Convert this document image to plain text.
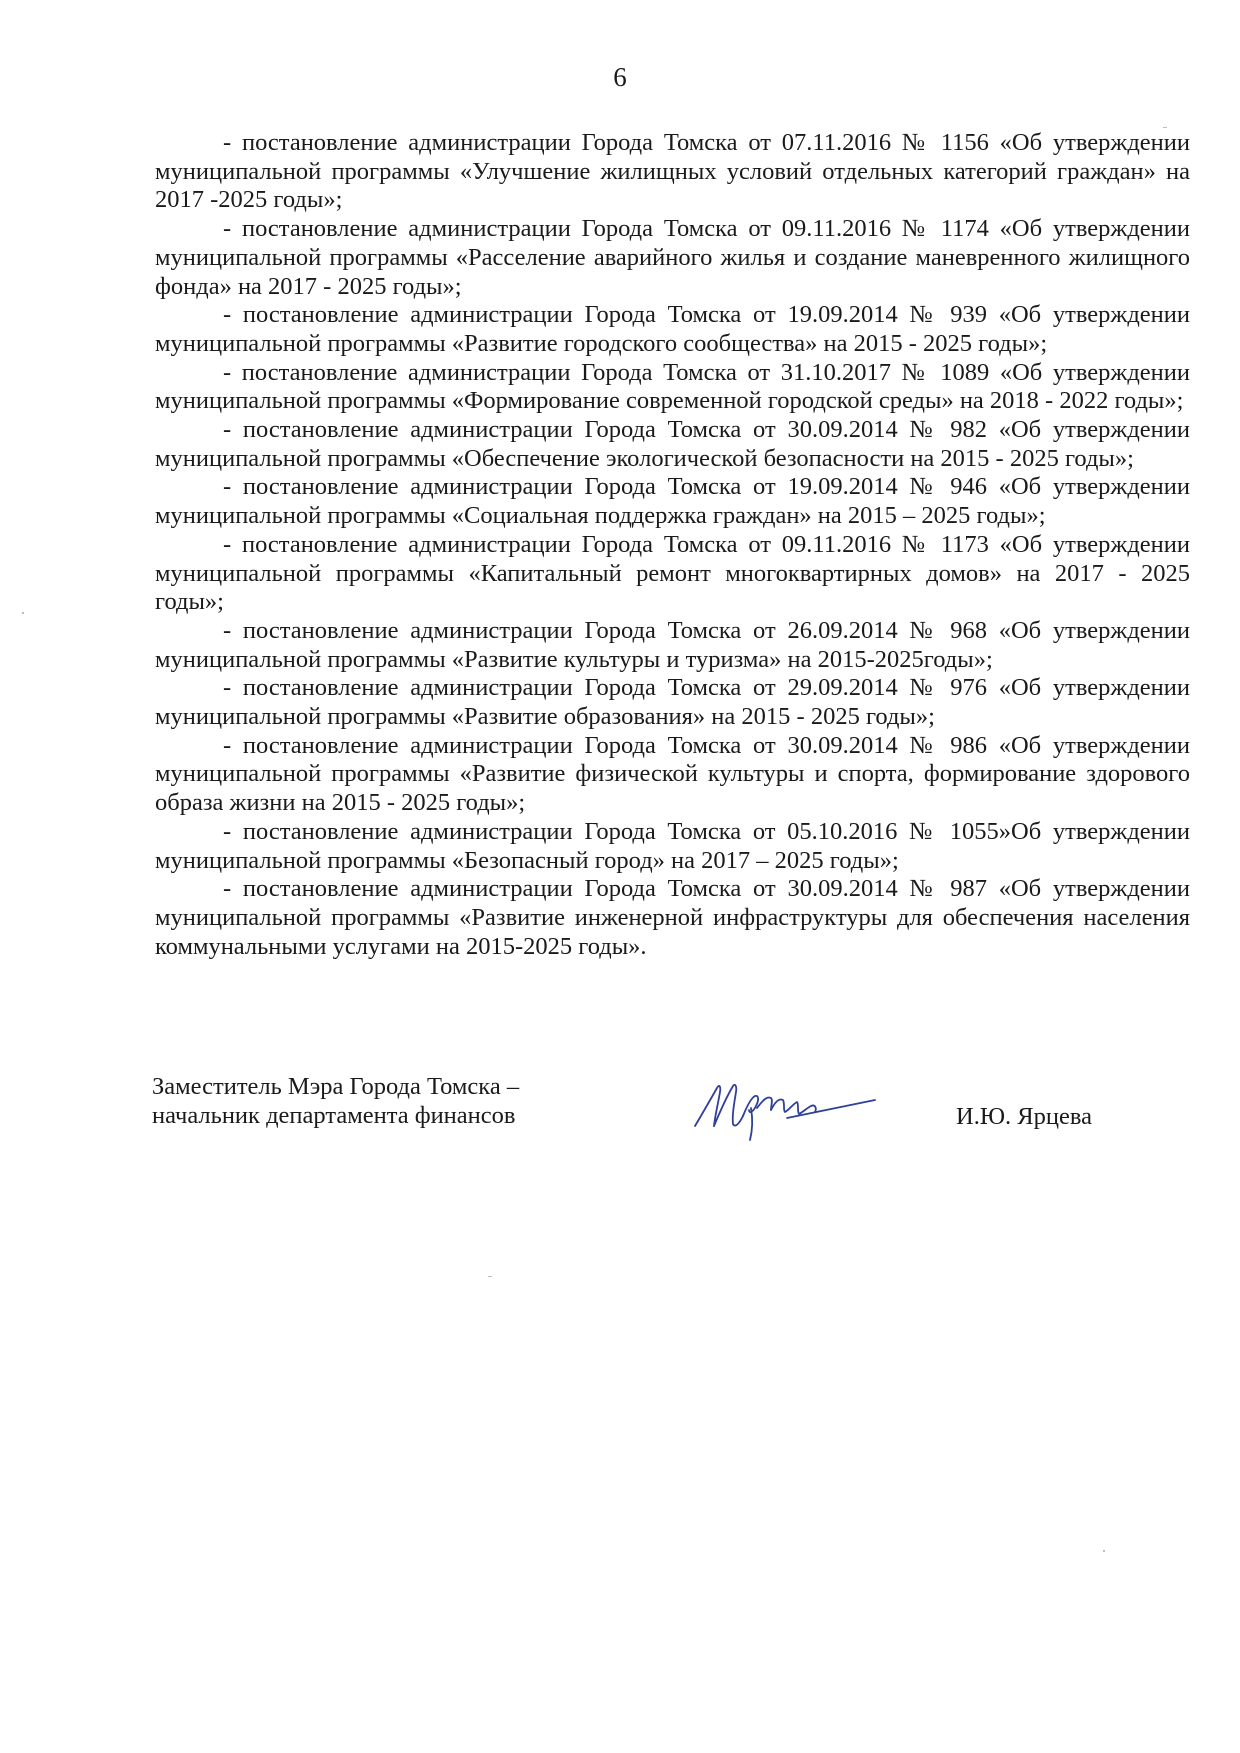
6

- постановление администрации Города Томска от 07.11.2016 № 1156 «Об утверждении муниципальной программы «Улучшение жилищных условий отдельных категорий граждан» на 2017 -2025 годы»;

- постановление администрации Города Томска от 09.11.2016 № 1174 «Об утверждении муниципальной программы «Расселение аварийного жилья и создание маневренного жилищного фонда» на 2017 - 2025 годы»;

- постановление администрации Города Томска от 19.09.2014 № 939 «Об утверждении муниципальной программы «Развитие городского сообщества» на 2015 - 2025 годы»;

- постановление администрации Города Томска от 31.10.2017 № 1089 «Об утверждении муниципальной программы «Формирование современной городской среды» на 2018 - 2022 годы»;

- постановление администрации Города Томска от 30.09.2014 № 982 «Об утверждении муниципальной программы «Обеспечение экологической безопасности на 2015 - 2025 годы»;

- постановление администрации Города Томска от 19.09.2014 № 946 «Об утверждении муниципальной программы «Социальная поддержка граждан» на 2015 – 2025 годы»;

- постановление администрации Города Томска от 09.11.2016 № 1173 «Об утверждении муниципальной программы «Капитальный ремонт многоквартирных домов» на 2017 - 2025 годы»;

- постановление администрации Города Томска от 26.09.2014 № 968 «Об утверждении муниципальной программы «Развитие культуры и туризма» на 2015-2025годы»;

- постановление администрации Города Томска от 29.09.2014 № 976 «Об утверждении муниципальной программы «Развитие образования» на 2015 - 2025 годы»;

- постановление администрации Города Томска от 30.09.2014 № 986 «Об утверждении муниципальной программы «Развитие физической культуры и спорта, формирование здорового образа жизни на 2015 - 2025 годы»;

- постановление администрации Города Томска от 05.10.2016 № 1055»Об утверждении муниципальной программы «Безопасный город» на 2017 – 2025 годы»;

- постановление администрации Города Томска от 30.09.2014 № 987 «Об утверждении муниципальной программы «Развитие инженерной инфраструктуры для обеспечения населения коммунальными услугами на 2015-2025 годы».

Заместитель Мэра Города Томска –
начальник департамента финансов	И.Ю. Ярцева
